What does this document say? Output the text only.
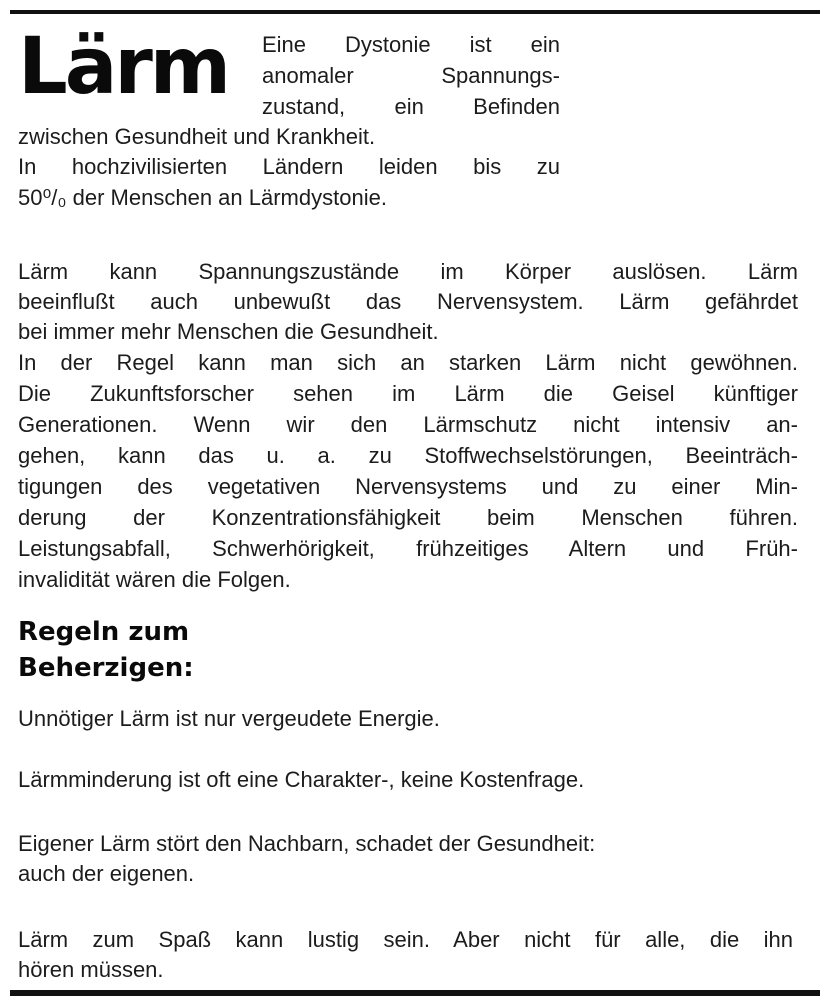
Lärm Eine Dystonie ist ein

anomaler Spannungs-

zustand, ein Befinden

zwischen Gesundheit und Krankheit.

In hochzivilisierten Ländern leiden bis zu

50⁰/₀ der Menschen an Lärmdystonie.

Lärm kann Spannungszustände im Körper auslösen. Lärm

beeinflußt auch unbewußt das Nervensystem. Lärm gefährdet

bei immer mehr Menschen die Gesundheit.

In der Regel kann man sich an starken Lärm nicht gewöhnen.

Die Zukunftsforscher sehen im Lärm die Geisel künftiger

Generationen. Wenn wir den Lärmschutz nicht intensiv an-

gehen, kann das u. a. zu Stoffwechselstörungen, Beeinträch-

tigungen des vegetativen Nervensystems und zu einer Min-

derung der Konzentrationsfähigkeit beim Menschen führen.

Leistungsabfall, Schwerhörigkeit, frühzeitiges Altern und Früh-

invalidität wären die Folgen.

Regeln zum
Beherzigen:

Unnötiger Lärm ist nur vergeudete Energie.

Lärmminderung ist oft eine Charakter-, keine Kostenfrage.

Eigener Lärm stört den Nachbarn, schadet der Gesundheit:

auch der eigenen.

Lärm zum Spaß kann lustig sein. Aber nicht für alle, die ihn

hören müssen.
